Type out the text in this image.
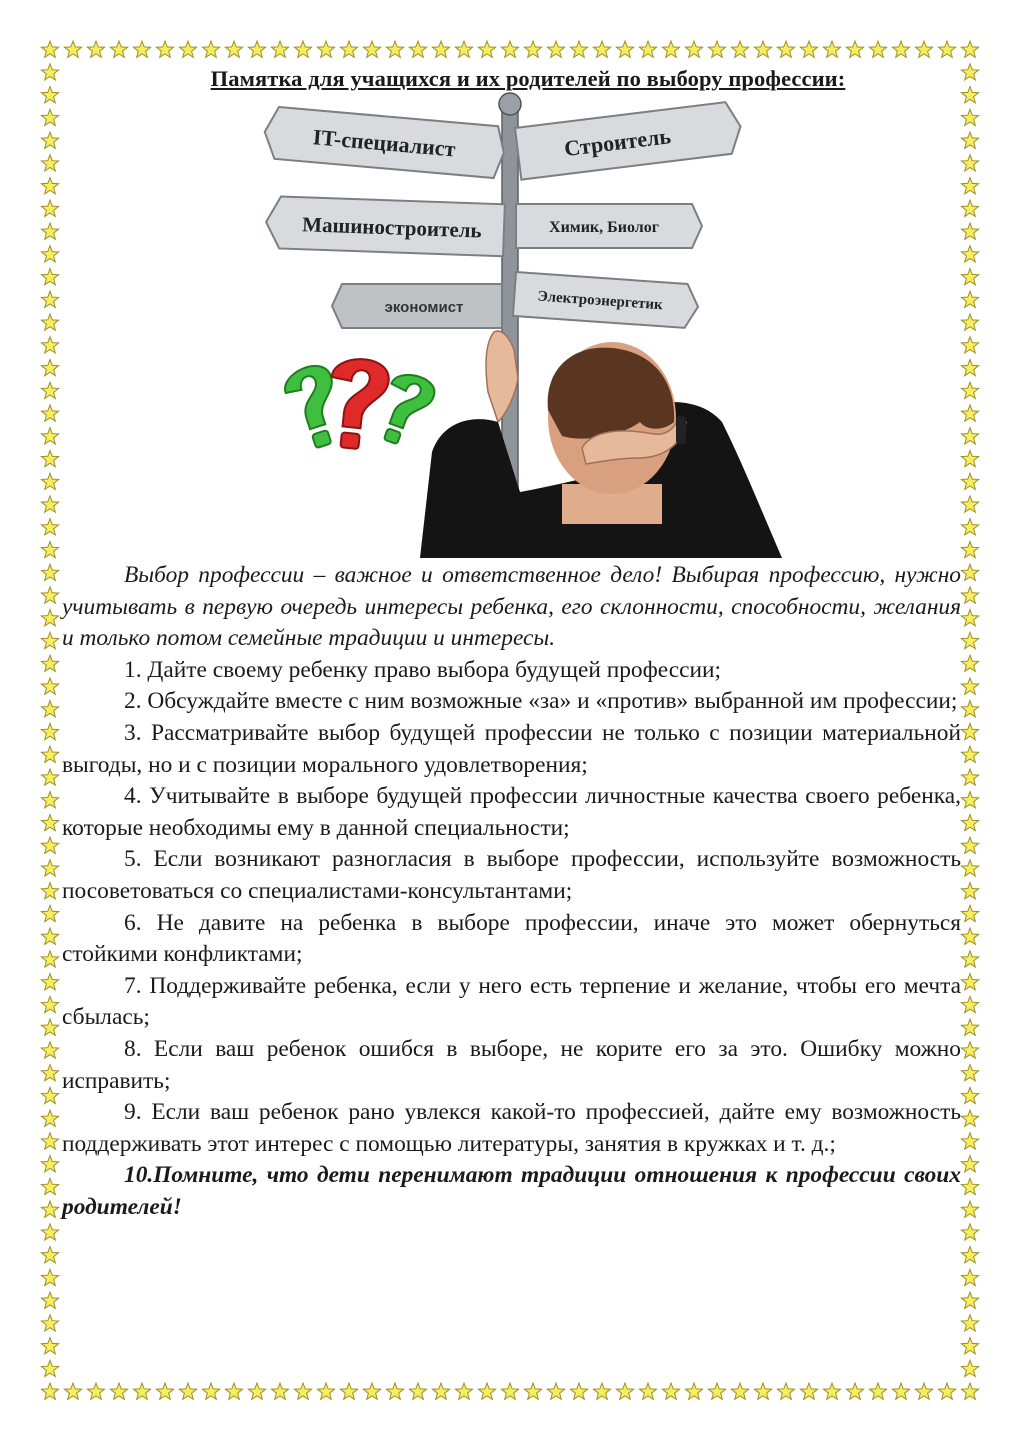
Памятка для учащихся и их родителей по выбору профессии:
IT-специалист	Строитель
Машиностроитель	Химик, Биолог
экономист	Электроэнергетик

Выбор профессии – важное и ответственное дело! Выбирая профессию, нужно учитывать в первую очередь интересы ребенка, его склонности, способности, желания и только потом семейные традиции и интересы.

1. Дайте своему ребенку право выбора будущей профессии;

2. Обсуждайте вместе с ним возможные «за» и «против» выбранной им профессии;

3. Рассматривайте выбор будущей профессии не только с позиции материальной выгоды, но и с позиции морального удовлетворения;

4. Учитывайте в выборе будущей профессии личностные качества своего ребенка, которые необходимы ему в данной специальности;

5. Если возникают разногласия в выборе профессии, используйте возможность посоветоваться со специалистами-консультантами;

6. Не давите на ребенка в выборе профессии, иначе это может обернуться стойкими конфликтами;

7. Поддерживайте ребенка, если у него есть терпение и желание, чтобы его мечта сбылась;

8. Если ваш ребенок ошибся в выборе, не корите его за это. Ошибку можно исправить;

9. Если ваш ребенок рано увлекся какой-то профессией, дайте ему возможность поддерживать этот интерес с помощью литературы, занятия в кружках и т. д.;

10.Помните, что дети перенимают традиции отношения к профессии своих родителей!
